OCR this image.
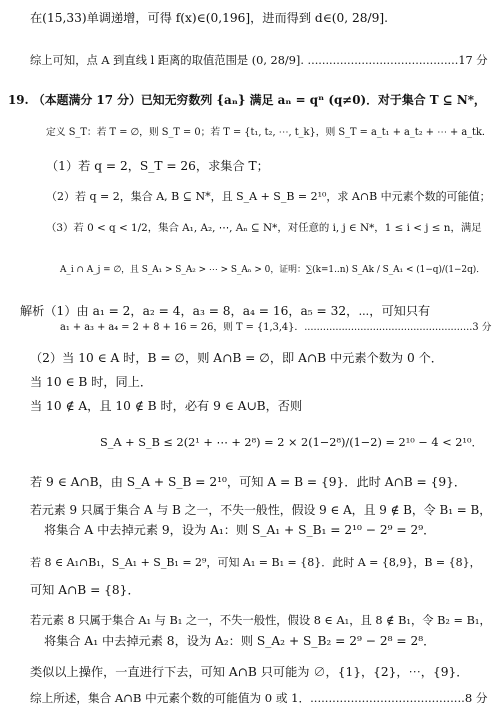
在(15,33)单调递增，可得 f(x)∈(0,196]，进而得到 d∈(0, 28/9].
综上可知，点 A 到直线 l 距离的取值范围是 (0, 28/9]. ..........................................17 分
19. （本题满分 17 分）已知无穷数列 {aₙ} 满足 aₙ = qⁿ (q≠0)．对于集合 T ⊆ N*，
定义 S_T：若 T = ∅，则 S_T = 0；若 T = {t₁, t₂, ⋯, t_k}，则 S_T = a_t₁ + a_t₂ + ⋯ + a_tk．
（1）若 q = 2，S_T = 26，求集合 T；
（2）若 q = 2，集合 A, B ⊆ N*，且 S_A + S_B = 2¹⁰，求 A∩B 中元素个数的可能值；
（3）若 0 < q < 1/2，集合 A₁, A₂, ⋯, Aₙ ⊆ N*，对任意的 i, j ∈ N*，1 ≤ i < j ≤ n，满足
A_i ∩ A_j = ∅，且 S_A₁ > S_A₂ > ⋯ > S_Aₙ > 0，证明：∑(k=1..n) S_Ak / S_A₁ < (1−q)/(1−2q)．
解析（1）由 a₁ = 2，a₂ = 4，a₃ = 8，a₄ = 16，a₅ = 32，⋯，可知只有
a₁ + a₃ + a₄ = 2 + 8 + 16 = 26，则 T = {1,3,4}．......................................................3 分
（2）当 10 ∈ A 时，B = ∅，则 A∩B = ∅，即 A∩B 中元素个数为 0 个．
当 10 ∈ B 时，同上．
当 10 ∉ A，且 10 ∉ B 时，必有 9 ∈ A∪B，否则
S_A + S_B ≤ 2(2¹ + ⋯ + 2⁸) = 2 × 2(1−2⁸)/(1−2) = 2¹⁰ − 4 < 2¹⁰．
若 9 ∈ A∩B，由 S_A + S_B = 2¹⁰，可知 A = B = {9}．此时 A∩B = {9}．
若元素 9 只属于集合 A 与 B 之一，不失一般性，假设 9 ∈ A，且 9 ∉ B，令 B₁ = B，
将集合 A 中去掉元素 9，设为 A₁：则 S_A₁ + S_B₁ = 2¹⁰ − 2⁹ = 2⁹．
若 8 ∈ A₁∩B₁，S_A₁ + S_B₁ = 2⁹，可知 A₁ = B₁ = {8}．此时 A = {8,9}，B = {8}，
可知 A∩B = {8}．
若元素 8 只属于集合 A₁ 与 B₁ 之一，不失一般性，假设 8 ∈ A₁，且 8 ∉ B₁，令 B₂ = B₁，
将集合 A₁ 中去掉元素 8，设为 A₂：则 S_A₂ + S_B₂ = 2⁹ − 2⁸ = 2⁸．
类似以上操作，一直进行下去，可知 A∩B 只可能为 ∅，{1}，{2}，⋯，{9}．
综上所述，集合 A∩B 中元素个数的可能值为 0 或 1．..........................................8 分
